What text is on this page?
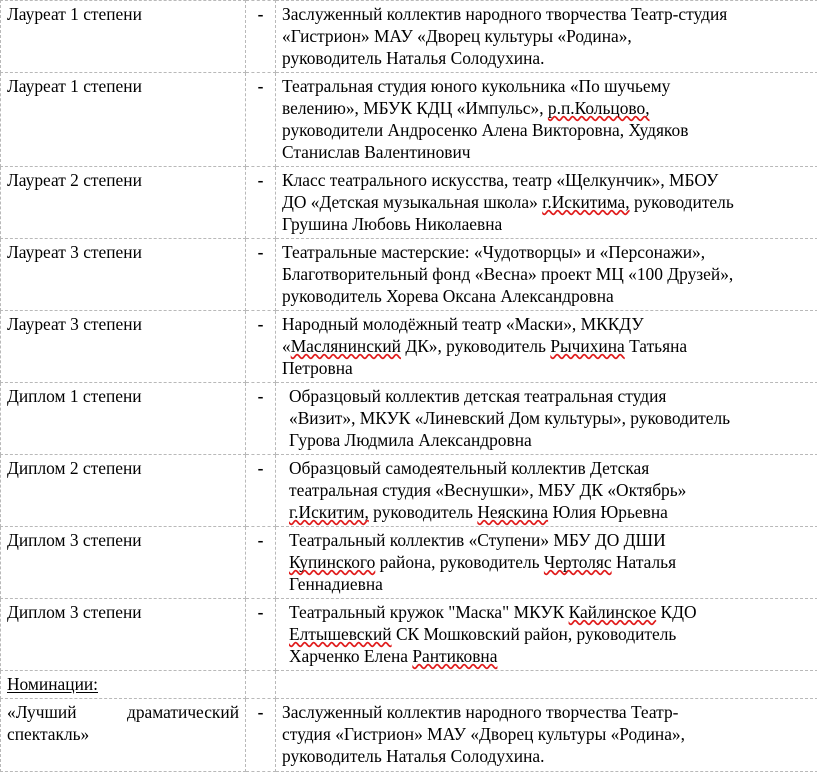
Лауреат 1 степени	-	Заслуженный коллектив народного творчества Театр-студия
«Гистрион» МАУ «Дворец культуры «Родина»,
руководитель Наталья Солодухина.

Лауреат 1 степени	-	Театральная студия юного кукольника «По шучьему
велению», МБУК КДЦ «Импульс», р.п.Кольцово,
руководители Андросенко Алена Викторовна, Худяков
Станислав Валентинович

Лауреат 2 степени	-	Класс театрального искусства, театр «Щелкунчик», МБОУ
ДО «Детская музыкальная школа» г.Искитима, руководитель
Грушина Любовь Николаевна

Лауреат 3 степени	-	Театральные мастерские: «Чудотворцы» и «Персонажи»,
Благотворительный фонд «Весна» проект МЦ «100 Друзей»,
руководитель Хорева Оксана Александровна

Лауреат 3 степени	-	Народный молодёжный театр «Маски», МККДУ
«Маслянинский ДК», руководитель Рычихина Татьяна
Петровна

Диплом 1 степени	-	Образцовый коллектив детская театральная студия
«Визит», МКУК «Линевский Дом культуры», руководитель
Гурова Людмила Александровна

Диплом 2 степени	-	Образцовый самодеятельный коллектив Детская
театральная студия «Веснушки», МБУ ДК «Октябрь»
г.Искитим, руководитель Неяскина Юлия Юрьевна

Диплом 3 степени	-	Театральный коллектив «Ступени» МБУ ДО ДШИ
Купинского района, руководитель Чертоляс Наталья
Геннадиевна

Диплом 3 степени	-	Театральный кружок "Маска" МКУК Кайлинское КДО
Елтышевский СК Мошковский район, руководитель
Харченко Елена Рантиковна

Номинации:		

«Лучший драматический
спектакль»	-	Заслуженный коллектив народного творчества Театр-
студия «Гистрион» МАУ «Дворец культуры «Родина»,
руководитель Наталья Солодухина.
